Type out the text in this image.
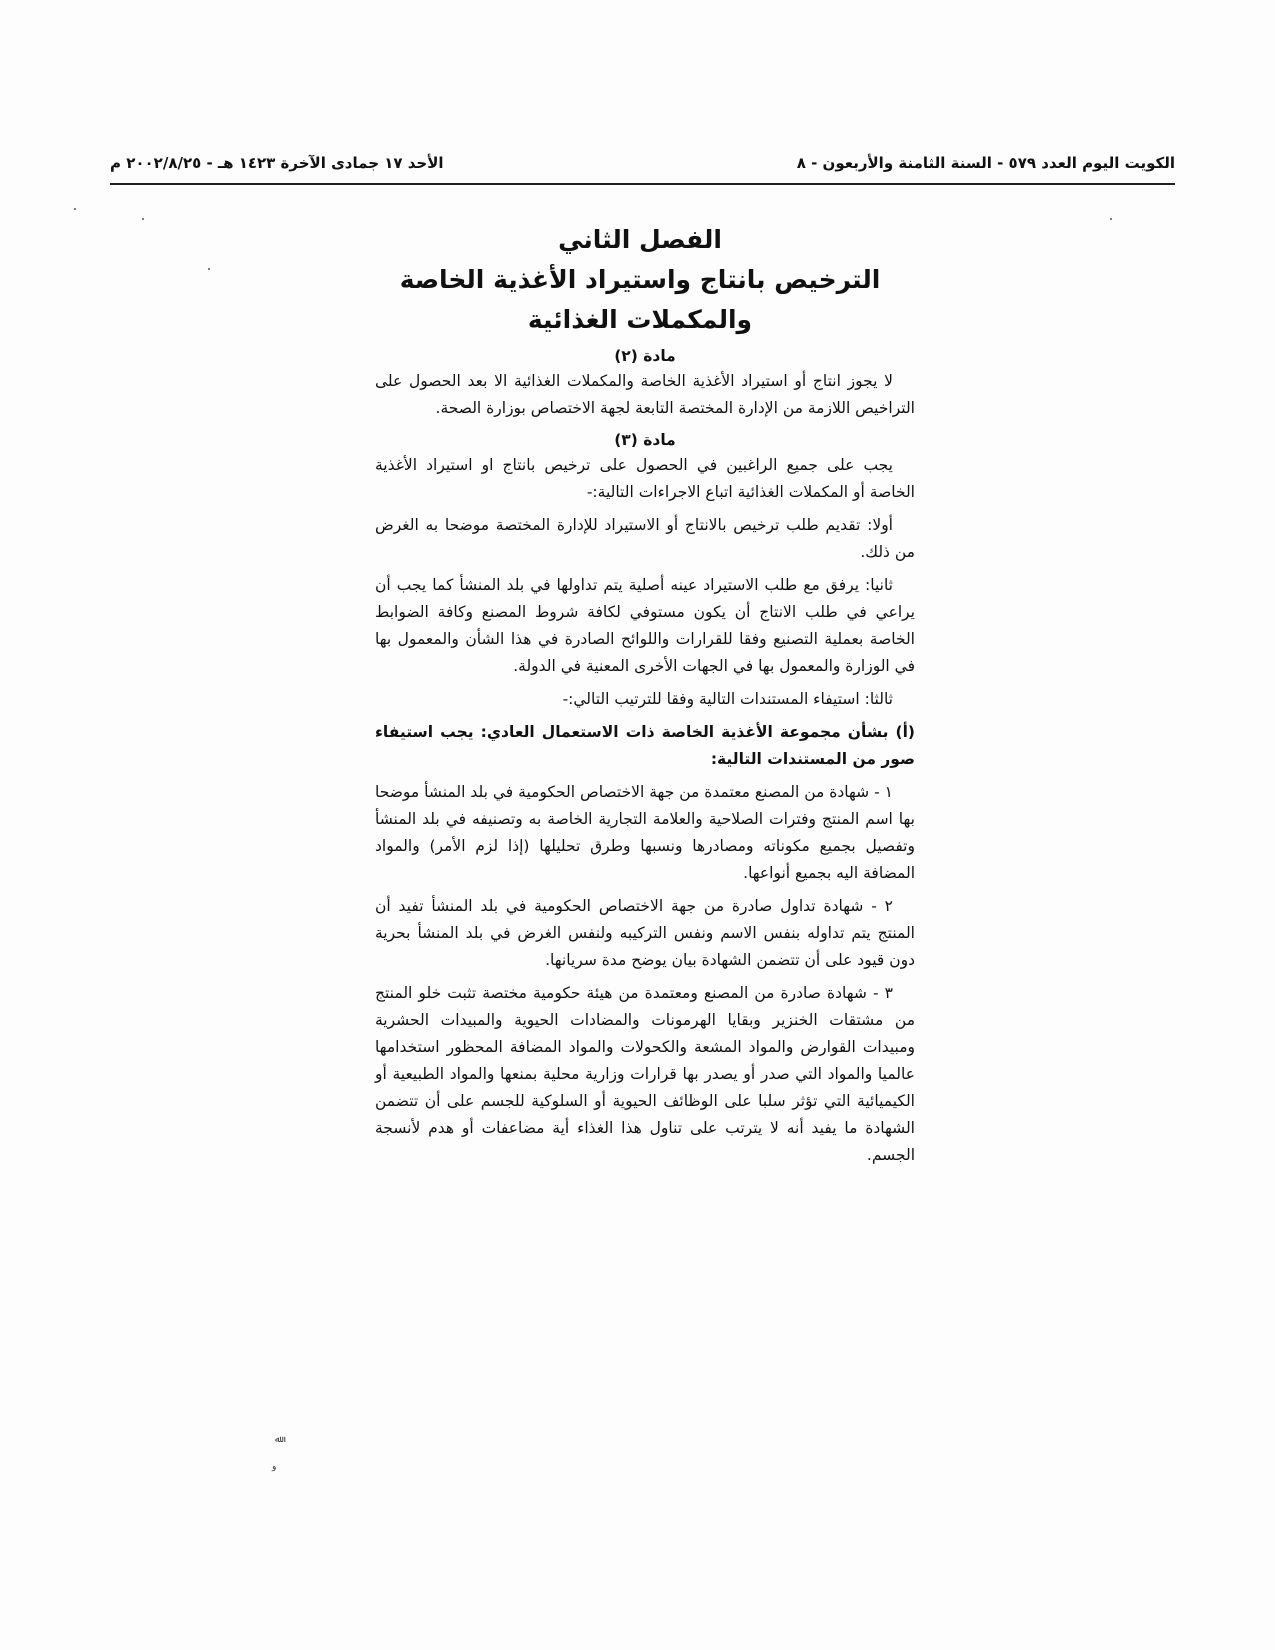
الكويت اليوم العدد ٥٧٩ - السنة الثامنة والأربعون - ٨
الأحد ١٧ جمادى الآخرة ١٤٢٣ هـ - ٢٠٠٢/٨/٢٥ م
الفصل الثاني
الترخيص بانتاج واستيراد الأغذية الخاصة
والمكملات الغذائية
مادة (٢)

لا يجوز انتاج أو استيراد الأغذية الخاصة والمكملات الغذائية الا بعد الحصول على التراخيص اللازمة من الإدارة المختصة التابعة لجهة الاختصاص بوزارة الصحة.

مادة (٣)

يجب على جميع الراغبين في الحصول على ترخيص بانتاج او استيراد الأغذية الخاصة أو المكملات الغذائية اتباع الاجراءات التالية:-

أولا: تقديم طلب ترخيص بالانتاج أو الاستيراد للإدارة المختصة موضحا به الغرض من ذلك.

ثانيا: يرفق مع طلب الاستيراد عينه أصلية يتم تداولها في بلد المنشأ كما يجب أن يراعي في طلب الانتاج أن يكون مستوفي لكافة شروط المصنع وكافة الضوابط الخاصة بعملية التصنيع وفقا للقرارات واللوائح الصادرة في هذا الشأن والمعمول بها في الوزارة والمعمول بها في الجهات الأخرى المعنية في الدولة.

ثالثا: استيفاء المستندات التالية وفقا للترتيب التالي:-

(أ) بشأن مجموعة الأغذية الخاصة ذات الاستعمال العادي: يجب استيفاء صور من المستندات التالية:

١ - شهادة من المصنع معتمدة من جهة الاختصاص الحكومية في بلد المنشأ موضحا بها اسم المنتج وفترات الصلاحية والعلامة التجارية الخاصة به وتصنيفه في بلد المنشأ وتفصيل بجميع مكوناته ومصادرها ونسبها وطرق تحليلها (إذا لزم الأمر) والمواد المضافة اليه بجميع أنواعها.

٢ - شهادة تداول صادرة من جهة الاختصاص الحكومية في بلد المنشأ تفيد أن المنتج يتم تداوله بنفس الاسم ونفس التركيبه ولنفس الغرض في بلد المنشأ بحرية دون قيود على أن تتضمن الشهادة بيان يوضح مدة سريانها.

٣ - شهادة صادرة من المصنع ومعتمدة من هيئة حكومية مختصة تثبت خلو المنتج من مشتقات الخنزير وبقايا الهرمونات والمضادات الحيوية والمبيدات الحشرية ومبيدات القوارض والمواد المشعة والكحولات والمواد المضافة المحظور استخدامها عالميا والمواد التي صدر أو يصدر بها قرارات وزارية محلية بمنعها والمواد الطبيعية أو الكيميائية التي تؤثر سلبا على الوظائف الحيوية أو السلوكية للجسم على أن تتضمن الشهادة ما يفيد أنه لا يترتب على تناول هذا الغذاء أية مضاعفات أو هدم لأنسجة الجسم.

ﷲ
ﻭ
